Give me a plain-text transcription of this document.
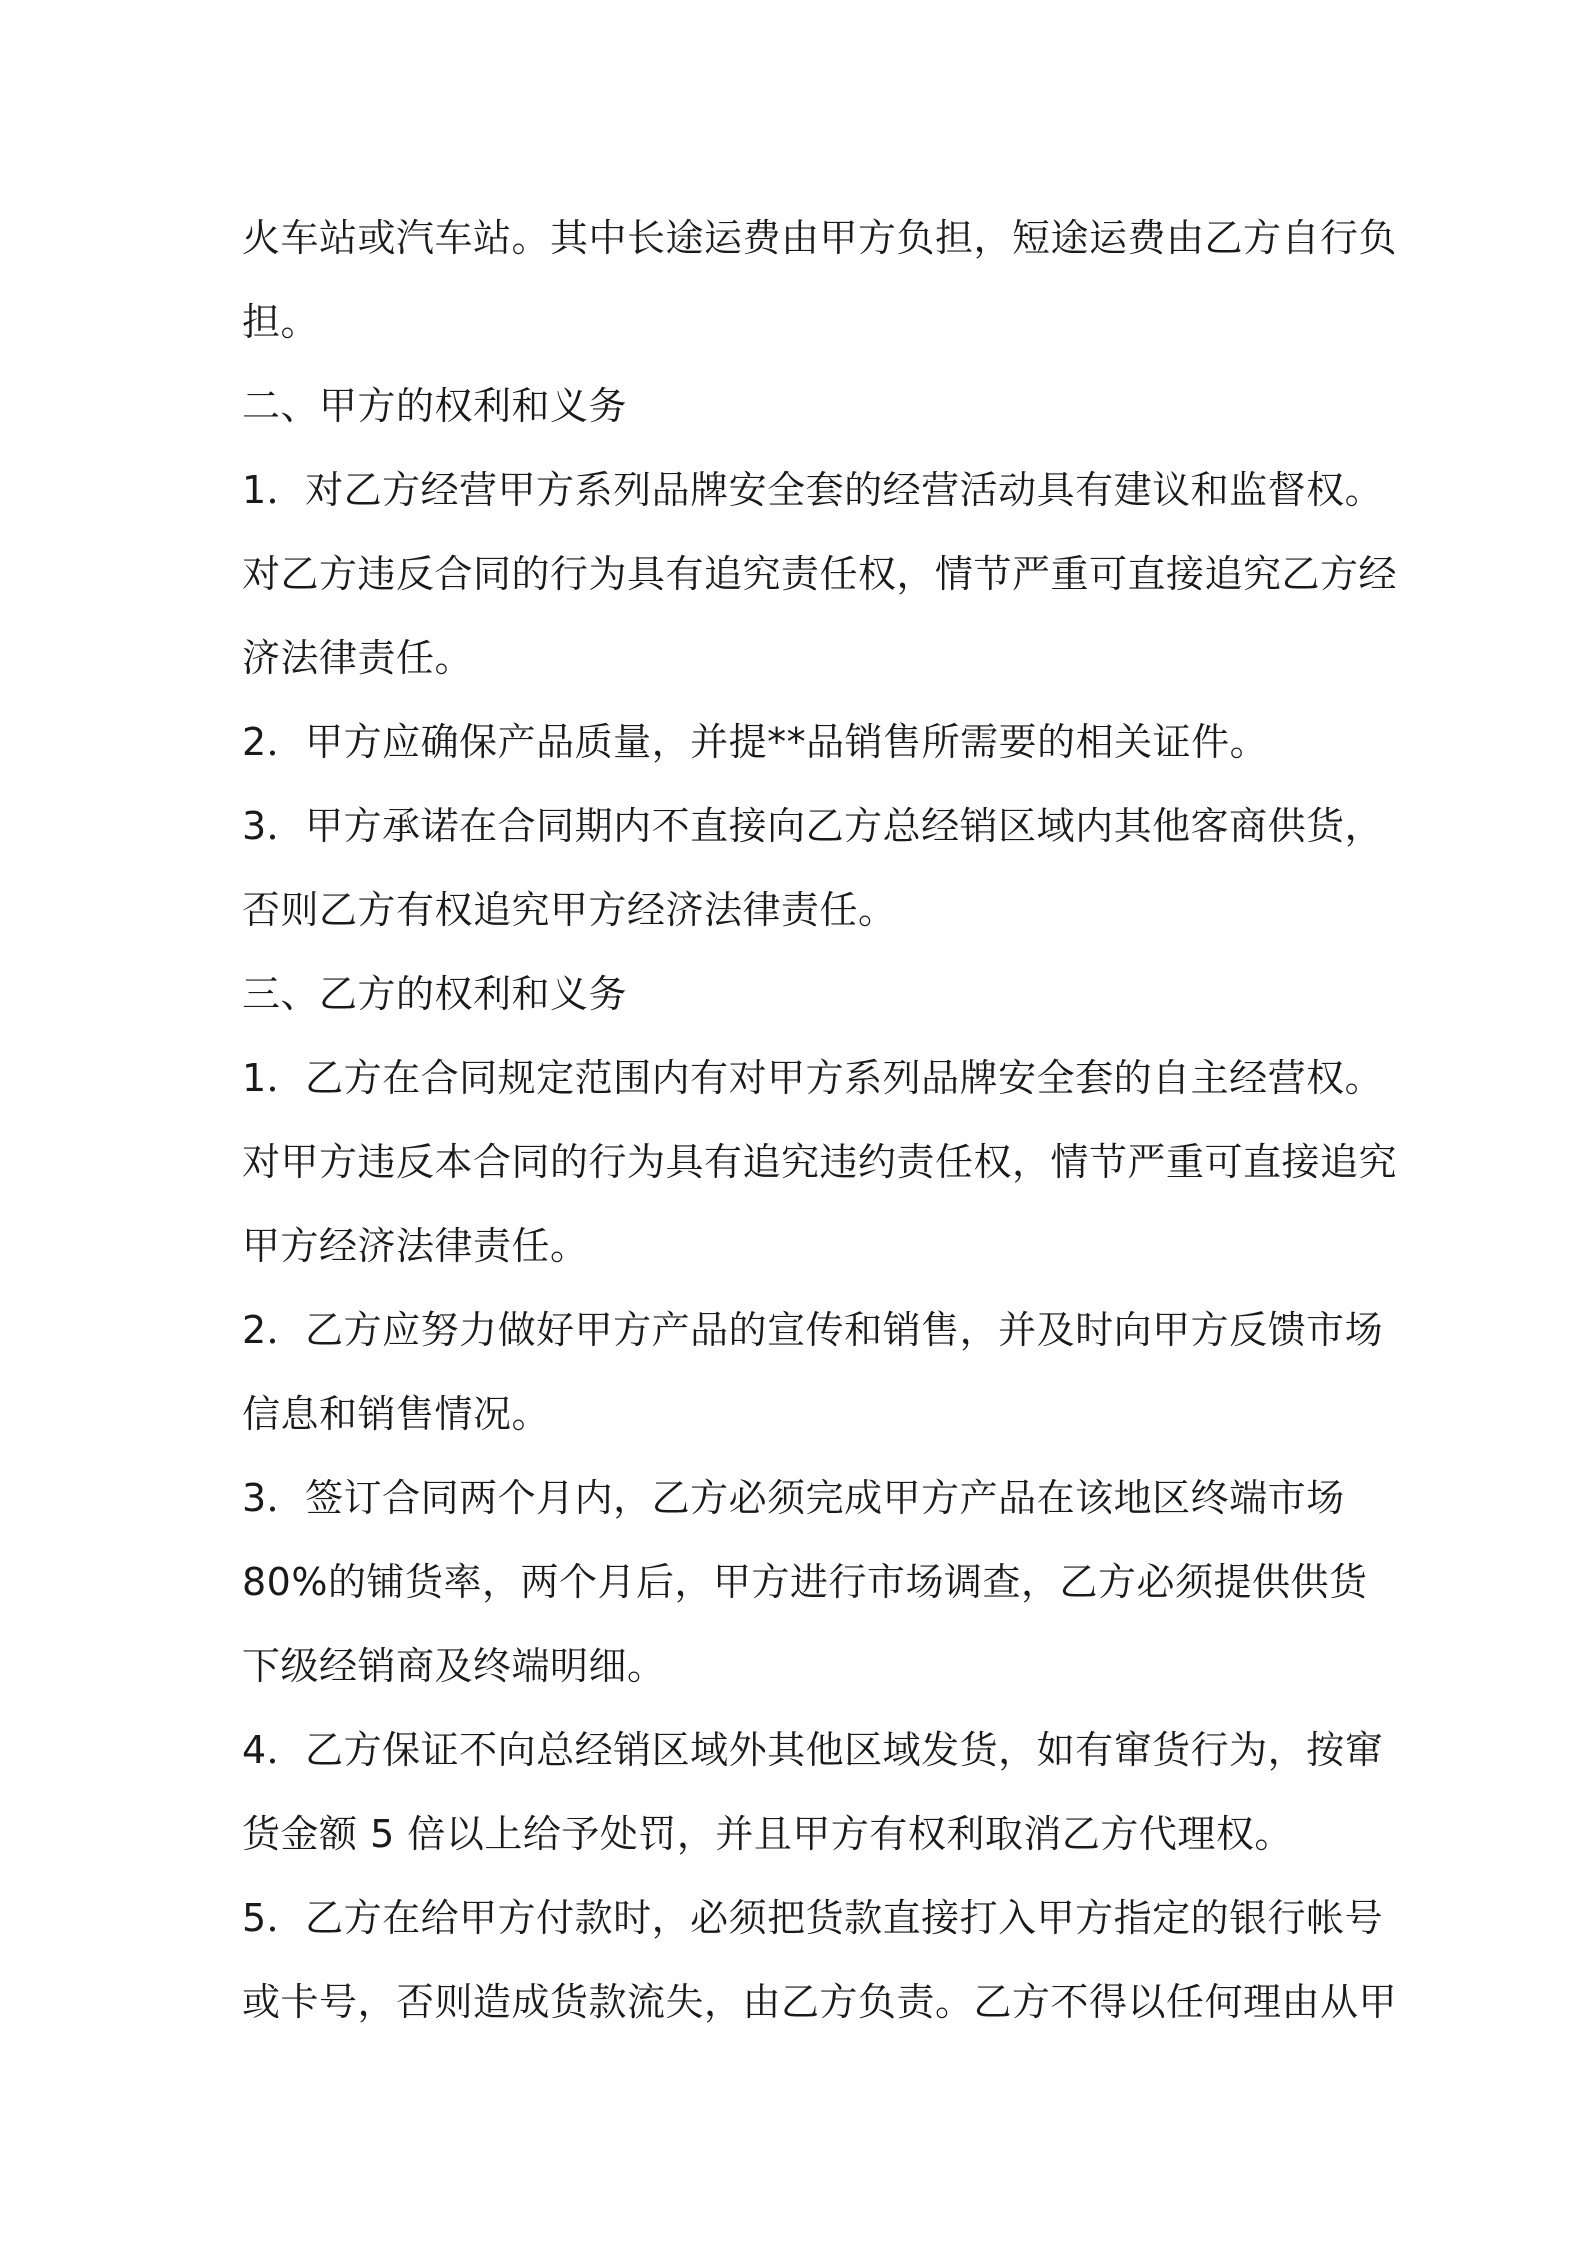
火车站或汽车站。其中长途运费由甲方负担，短途运费由乙方自行负
担。
二、甲方的权利和义务
1．对乙方经营甲方系列品牌安全套的经营活动具有建议和监督权。
对乙方违反合同的行为具有追究责任权，情节严重可直接追究乙方经
济法律责任。
2．甲方应确保产品质量，并提**品销售所需要的相关证件。
3．甲方承诺在合同期内不直接向乙方总经销区域内其他客商供货，
否则乙方有权追究甲方经济法律责任。
三、乙方的权利和义务
1．乙方在合同规定范围内有对甲方系列品牌安全套的自主经营权。
对甲方违反本合同的行为具有追究违约责任权，情节严重可直接追究
甲方经济法律责任。
2．乙方应努力做好甲方产品的宣传和销售，并及时向甲方反馈市场
信息和销售情况。
3．签订合同两个月内，乙方必须完成甲方产品在该地区终端市场
80%的铺货率，两个月后，甲方进行市场调查，乙方必须提供供货
下级经销商及终端明细。
4．乙方保证不向总经销区域外其他区域发货，如有窜货行为，按窜
货金额 5 倍以上给予处罚，并且甲方有权利取消乙方代理权。
5．乙方在给甲方付款时，必须把货款直接打入甲方指定的银行帐号
或卡号，否则造成货款流失，由乙方负责。乙方不得以任何理由从甲
